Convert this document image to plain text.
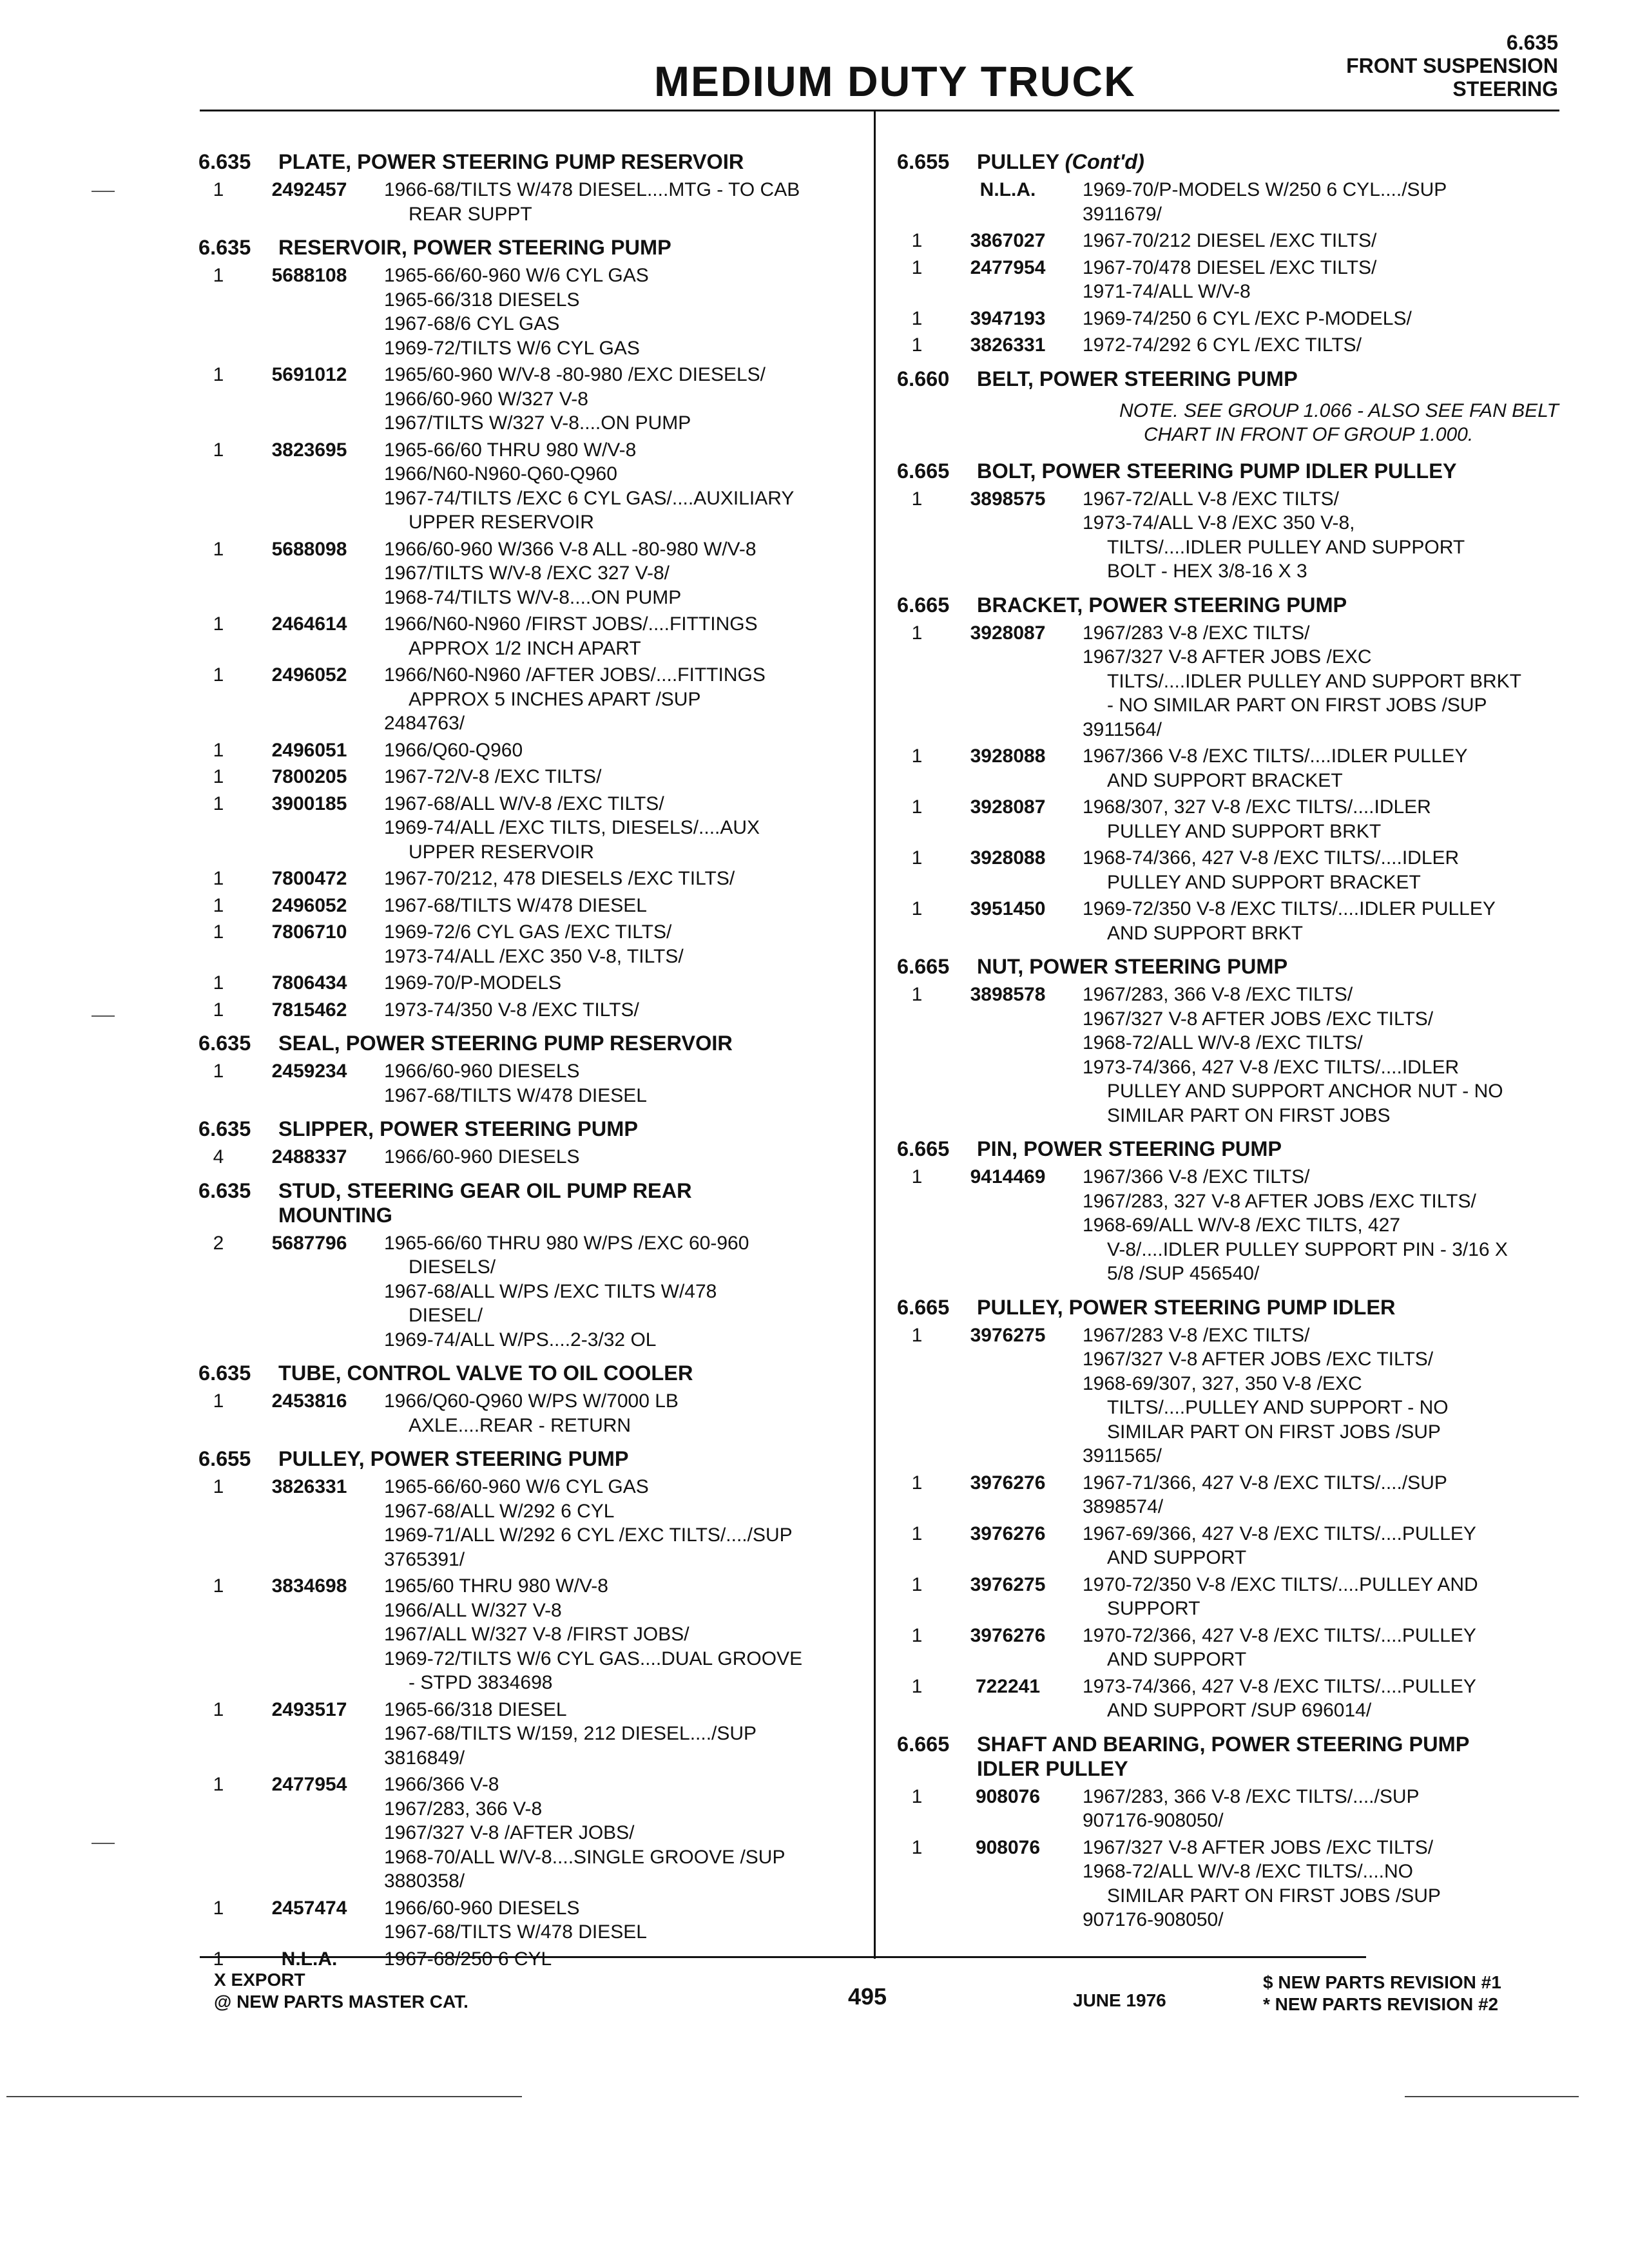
MEDIUM DUTY TRUCK
6.635
FRONT SUSPENSION
STEERING
6.635 PLATE, POWER STEERING PUMP RESERVOIR
1	2492457	1966-68/TILTS W/478 DIESEL....MTG - TO CAB
REAR SUPPT
6.635 RESERVOIR, POWER STEERING PUMP
1	5688108	1965-66/60-960 W/6 CYL GAS
1965-66/318 DIESELS
1967-68/6 CYL GAS
1969-72/TILTS W/6 CYL GAS
1	5691012	1965/60-960 W/V-8 -80-980 /EXC DIESELS/
1966/60-960 W/327 V-8
1967/TILTS W/327 V-8....ON PUMP
1	3823695	1965-66/60 THRU 980 W/V-8
1966/N60-N960-Q60-Q960
1967-74/TILTS /EXC 6 CYL GAS/....AUXILIARY
UPPER RESERVOIR
1	5688098	1966/60-960 W/366 V-8 ALL -80-980 W/V-8
1967/TILTS W/V-8 /EXC 327 V-8/
1968-74/TILTS W/V-8....ON PUMP
1	2464614	1966/N60-N960 /FIRST JOBS/....FITTINGS
APPROX 1/2 INCH APART
1	2496052	1966/N60-N960 /AFTER JOBS/....FITTINGS
APPROX 5 INCHES APART /SUP
2484763/
1	2496051	1966/Q60-Q960
1	7800205	1967-72/V-8 /EXC TILTS/
1	3900185	1967-68/ALL W/V-8 /EXC TILTS/
1969-74/ALL /EXC TILTS, DIESELS/....AUX
UPPER RESERVOIR
1	7800472	1967-70/212, 478 DIESELS /EXC TILTS/
1	2496052	1967-68/TILTS W/478 DIESEL
1	7806710	1969-72/6 CYL GAS /EXC TILTS/
1973-74/ALL /EXC 350 V-8, TILTS/
1	7806434	1969-70/P-MODELS
1	7815462	1973-74/350 V-8 /EXC TILTS/
6.635 SEAL, POWER STEERING PUMP RESERVOIR
1	2459234	1966/60-960 DIESELS
1967-68/TILTS W/478 DIESEL
6.635 SLIPPER, POWER STEERING PUMP
4	2488337	1966/60-960 DIESELS
6.635 STUD, STEERING GEAR OIL PUMP REAR
MOUNTING
2	5687796	1965-66/60 THRU 980 W/PS /EXC 60-960
DIESELS/
1967-68/ALL W/PS /EXC TILTS W/478
DIESEL/
1969-74/ALL W/PS....2-3/32 OL
6.635 TUBE, CONTROL VALVE TO OIL COOLER
1	2453816	1966/Q60-Q960 W/PS W/7000 LB
AXLE....REAR - RETURN
6.655 PULLEY, POWER STEERING PUMP
1	3826331	1965-66/60-960 W/6 CYL GAS
1967-68/ALL W/292 6 CYL
1969-71/ALL W/292 6 CYL /EXC TILTS/..../SUP
3765391/
1	3834698	1965/60 THRU 980 W/V-8
1966/ALL W/327 V-8
1967/ALL W/327 V-8 /FIRST JOBS/
1969-72/TILTS W/6 CYL GAS....DUAL GROOVE
- STPD 3834698
1	2493517	1965-66/318 DIESEL
1967-68/TILTS W/159, 212 DIESEL..../SUP
3816849/
1	2477954	1966/366 V-8
1967/283, 366 V-8
1967/327 V-8 /AFTER JOBS/
1968-70/ALL W/V-8....SINGLE GROOVE /SUP
3880358/
1	2457474	1966/60-960 DIESELS
1967-68/TILTS W/478 DIESEL
1	N.L.A.	1967-68/250 6 CYL
6.655 PULLEY (Cont'd)
N.L.A.	1969-70/P-MODELS W/250 6 CYL..../SUP
3911679/
1	3867027	1967-70/212 DIESEL /EXC TILTS/
1	2477954	1967-70/478 DIESEL /EXC TILTS/
1971-74/ALL W/V-8
1	3947193	1969-74/250 6 CYL /EXC P-MODELS/
1	3826331	1972-74/292 6 CYL /EXC TILTS/
6.660 BELT, POWER STEERING PUMP
NOTE. SEE GROUP 1.066 - ALSO SEE FAN BELT
CHART IN FRONT OF GROUP 1.000.
6.665 BOLT, POWER STEERING PUMP IDLER PULLEY
1	3898575	1967-72/ALL V-8 /EXC TILTS/
1973-74/ALL V-8 /EXC 350 V-8,
TILTS/....IDLER PULLEY AND SUPPORT
BOLT - HEX 3/8-16 X 3
6.665 BRACKET, POWER STEERING PUMP
1	3928087	1967/283 V-8 /EXC TILTS/
1967/327 V-8 AFTER JOBS /EXC
TILTS/....IDLER PULLEY AND SUPPORT BRKT
- NO SIMILAR PART ON FIRST JOBS /SUP
3911564/
1	3928088	1967/366 V-8 /EXC TILTS/....IDLER PULLEY
AND SUPPORT BRACKET
1	3928087	1968/307, 327 V-8 /EXC TILTS/....IDLER
PULLEY AND SUPPORT BRKT
1	3928088	1968-74/366, 427 V-8 /EXC TILTS/....IDLER
PULLEY AND SUPPORT BRACKET
1	3951450	1969-72/350 V-8 /EXC TILTS/....IDLER PULLEY
AND SUPPORT BRKT
6.665 NUT, POWER STEERING PUMP
1	3898578	1967/283, 366 V-8 /EXC TILTS/
1967/327 V-8 AFTER JOBS /EXC TILTS/
1968-72/ALL W/V-8 /EXC TILTS/
1973-74/366, 427 V-8 /EXC TILTS/....IDLER
PULLEY AND SUPPORT ANCHOR NUT - NO
SIMILAR PART ON FIRST JOBS
6.665 PIN, POWER STEERING PUMP
1	9414469	1967/366 V-8 /EXC TILTS/
1967/283, 327 V-8 AFTER JOBS /EXC TILTS/
1968-69/ALL W/V-8 /EXC TILTS, 427
V-8/....IDLER PULLEY SUPPORT PIN - 3/16 X
5/8 /SUP 456540/
6.665 PULLEY, POWER STEERING PUMP IDLER
1	3976275	1967/283 V-8 /EXC TILTS/
1967/327 V-8 AFTER JOBS /EXC TILTS/
1968-69/307, 327, 350 V-8 /EXC
TILTS/....PULLEY AND SUPPORT - NO
SIMILAR PART ON FIRST JOBS /SUP
3911565/
1	3976276	1967-71/366, 427 V-8 /EXC TILTS/..../SUP
3898574/
1	3976276	1967-69/366, 427 V-8 /EXC TILTS/....PULLEY
AND SUPPORT
1	3976275	1970-72/350 V-8 /EXC TILTS/....PULLEY AND
SUPPORT
1	3976276	1970-72/366, 427 V-8 /EXC TILTS/....PULLEY
AND SUPPORT
1	722241	1973-74/366, 427 V-8 /EXC TILTS/....PULLEY
AND SUPPORT /SUP 696014/
6.665 SHAFT AND BEARING, POWER STEERING PUMP
IDLER PULLEY
1	908076	1967/283, 366 V-8 /EXC TILTS/..../SUP
907176-908050/
1	908076	1967/327 V-8 AFTER JOBS /EXC TILTS/
1968-72/ALL W/V-8 /EXC TILTS/....NO
SIMILAR PART ON FIRST JOBS /SUP
907176-908050/
X EXPORT
@ NEW PARTS MASTER CAT.	495	JUNE 1976
$ NEW PARTS REVISION #1
* NEW PARTS REVISION #2
